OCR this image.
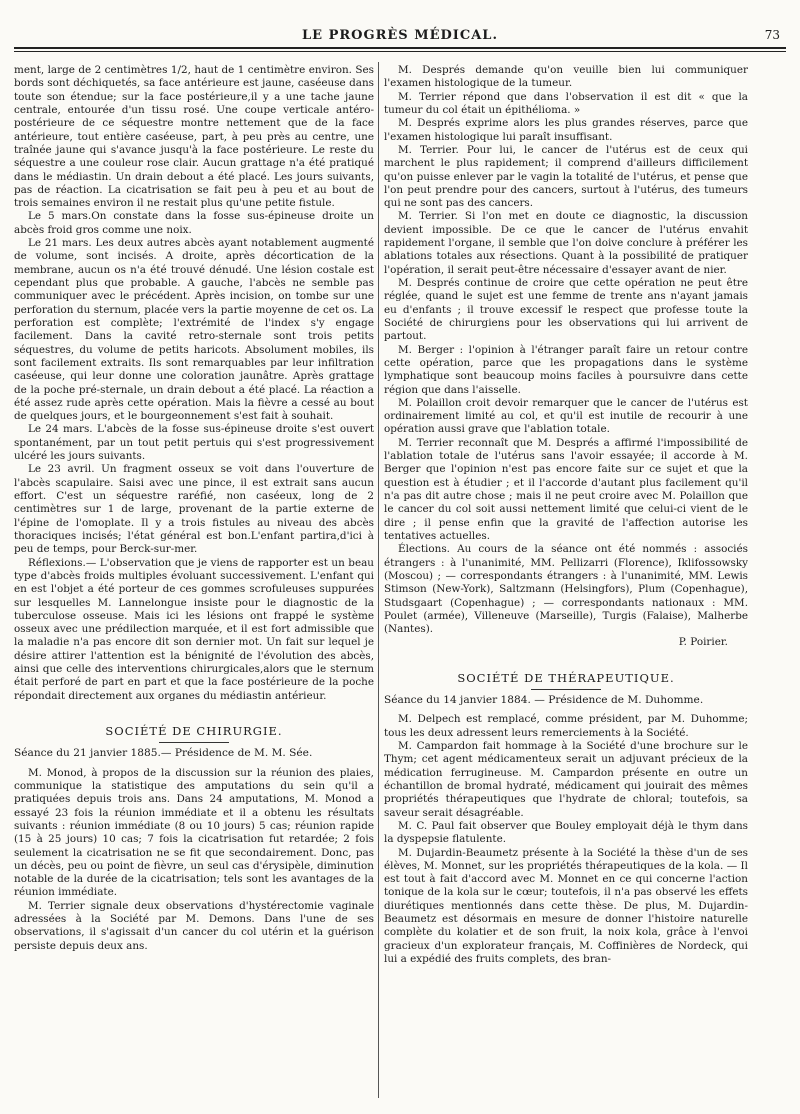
LE PROGRÈS MÉDICAL.	73

ment, large de 2 centimètres 1/2, haut de 1 centimètre environ. Ses bords sont déchiquetés, sa face antérieure est jaune, caséeuse dans toute son étendue; sur la face postérieure,il y a une tache jaune centrale, entourée d'un tissu rosé. Une coupe verticale antéro-postérieure de ce séquestre montre nettement que de la face antérieure, tout entière caséeuse, part, à peu près au centre, une traînée jaune qui s'avance jusqu'à la face postérieure. Le reste du séquestre a une couleur rose clair. Aucun grattage n'a été pratiqué dans le médiastin. Un drain debout a été placé. Les jours suivants, pas de réaction. La cicatrisation se fait peu à peu et au bout de trois semaines environ il ne restait plus qu'une petite fistule.

Le 5 mars.On constate dans la fosse sus-épineuse droite un abcès froid gros comme une noix.

Le 21 mars. Les deux autres abcès ayant notablement augmenté de volume, sont incisés. A droite, après décortication de la membrane, aucun os n'a été trouvé dénudé. Une lésion costale est cependant plus que probable. A gauche, l'abcès ne semble pas communiquer avec le précédent. Après incision, on tombe sur une perforation du sternum, placée vers la partie moyenne de cet os. La perforation est complète; l'extrémité de l'index s'y engage facilement. Dans la cavité retro-sternale sont trois petits séquestres, du volume de petits haricots. Absolument mobiles, ils sont facilement extraits. Ils sont remarquables par leur infiltration caséeuse, qui leur donne une coloration jaunâtre. Après grattage de la poche pré-sternale, un drain debout a été placé. La réaction a été assez rude après cette opération. Mais la fièvre a cessé au bout de quelques jours, et le bourgeonnement s'est fait à souhait.

Le 24 mars. L'abcès de la fosse sus-épineuse droite s'est ouvert spontanément, par un tout petit pertuis qui s'est progressivement ulcéré les jours suivants.

Le 23 avril. Un fragment osseux se voit dans l'ouverture de l'abcès scapulaire. Saisi avec une pince, il est extrait sans aucun effort. C'est un séquestre raréfié, non caséeux, long de 2 centimètres sur 1 de large, provenant de la partie externe de l'épine de l'omoplate. Il y a trois fistules au niveau des abcès thoraciques incisés; l'état général est bon.L'enfant partira,d'ici à peu de temps, pour Berck-sur-mer.

Réflexions.— L'observation que je viens de rapporter est un beau type d'abcès froids multiples évoluant successivement. L'enfant qui en est l'objet a été porteur de ces gommes scrofuleuses suppurées sur lesquelles M. Lannelongue insiste pour le diagnostic de la tuberculose osseuse. Mais ici les lésions ont frappé le système osseux avec une prédilection marquée, et il est fort admissible que la maladie n'a pas encore dit son dernier mot. Un fait sur lequel je désire attirer l'attention est la bénignité de l'évolution des abcès, ainsi que celle des interventions chirurgicales,alors que le sternum était perforé de part en part et que la face postérieure de la poche répondait directement aux organes du médiastin antérieur.

SOCIÉTÉ DE CHIRURGIE.
Séance du 21 janvier 1885.— Présidence de M. M. Sée.

M. Monod, à propos de la discussion sur la réunion des plaies, communique la statistique des amputations du sein qu'il a pratiquées depuis trois ans. Dans 24 amputations, M. Monod a essayé 23 fois la réunion immédiate et il a obtenu les résultats suivants : réunion immédiate (8 ou 10 jours) 5 cas; réunion rapide (15 à 25 jours) 10 cas; 7 fois la cicatrisation fut retardée; 2 fois seulement la cicatrisation ne se fit que secondairement. Donc, pas un décès, peu ou point de fièvre, un seul cas d'érysipèle, diminution notable de la durée de la cicatrisation; tels sont les avantages de la réunion immédiate.

M. Terrier signale deux observations d'hystérectomie vaginale adressées à la Société par M. Demons. Dans l'une de ses observations, il s'agissait d'un cancer du col utérin et la guérison persiste depuis deux ans.

M. Després demande qu'on veuille bien lui communiquer l'examen histologique de la tumeur.

M. Terrier répond que dans l'observation il est dit « que la tumeur du col était un épithélioma. »

M. Després exprime alors les plus grandes réserves, parce que l'examen histologique lui paraît insuffisant.

M. Terrier. Pour lui, le cancer de l'utérus est de ceux qui marchent le plus rapidement; il comprend d'ailleurs difficilement qu'on puisse enlever par le vagin la totalité de l'utérus, et pense que l'on peut prendre pour des cancers, surtout à l'utérus, des tumeurs qui ne sont pas des cancers.

M. Terrier. Si l'on met en doute ce diagnostic, la discussion devient impossible. De ce que le cancer de l'utérus envahit rapidement l'organe, il semble que l'on doive conclure à préférer les ablations totales aux résections. Quant à la possibilité de pratiquer l'opération, il serait peut-être nécessaire d'essayer avant de nier.

M. Després continue de croire que cette opération ne peut être réglée, quand le sujet est une femme de trente ans n'ayant jamais eu d'enfants ; il trouve excessif le respect que professe toute la Société de chirurgiens pour les observations qui lui arrivent de partout.

M. Berger : l'opinion à l'étranger paraît faire un retour contre cette opération, parce que les propagations dans le système lymphatique sont beaucoup moins faciles à poursuivre dans cette région que dans l'aisselle.

M. Polaillon croit devoir remarquer que le cancer de l'utérus est ordinairement limité au col, et qu'il est inutile de recourir à une opération aussi grave que l'ablation totale.

M. Terrier reconnaît que M. Després a affirmé l'impossibilité de l'ablation totale de l'utérus sans l'avoir essayée; il accorde à M. Berger que l'opinion n'est pas encore faite sur ce sujet et que la question est à étudier ; et il l'accorde d'autant plus facilement qu'il n'a pas dit autre chose ; mais il ne peut croire avec M. Polaillon que le cancer du col soit aussi nettement limité que celui-ci vient de le dire ; il pense enfin que la gravité de l'affection autorise les tentatives actuelles.

Élections. Au cours de la séance ont été nommés : associés étrangers : à l'unanimité, MM. Pellizarri (Florence), Iklifossowsky (Moscou) ; — correspondants étrangers : à l'unanimité, MM. Lewis Stimson (New-York), Saltzmann (Helsingfors), Plum (Copenhague), Studsgaart (Copenhague) ; — correspondants nationaux : MM. Poulet (armée), Villeneuve (Marseille), Turgis (Falaise), Malherbe (Nantes).

P. Poirier.
SOCIÉTÉ DE THÉRAPEUTIQUE.
Séance du 14 janvier 1884. — Présidence de M. Duhomme.

M. Delpech est remplacé, comme président, par M. Duhomme; tous les deux adressent leurs remerciements à la Société.

M. Campardon fait hommage à la Société d'une brochure sur le Thym; cet agent médicamenteux serait un adjuvant précieux de la médication ferrugineuse. M. Campardon présente en outre un échantillon de bromal hydraté, médicament qui jouirait des mêmes propriétés thérapeutiques que l'hydrate de chloral; toutefois, sa saveur serait désagréable.

M. C. Paul fait observer que Bouley employait déjà le thym dans la dyspepsie flatulente.

M. Dujardin-Beaumetz présente à la Société la thèse d'un de ses élèves, M. Monnet, sur les propriétés thérapeutiques de la kola. — Il est tout à fait d'accord avec M. Monnet en ce qui concerne l'action tonique de la kola sur le cœur; toutefois, il n'a pas observé les effets diurétiques mentionnés dans cette thèse. De plus, M. Dujardin-Beaumetz est désormais en mesure de donner l'histoire naturelle complète du kolatier et de son fruit, la noix kola, grâce à l'envoi gracieux d'un explorateur français, M. Coffinières de Nordeck, qui lui a expédié des fruits complets, des bran-
